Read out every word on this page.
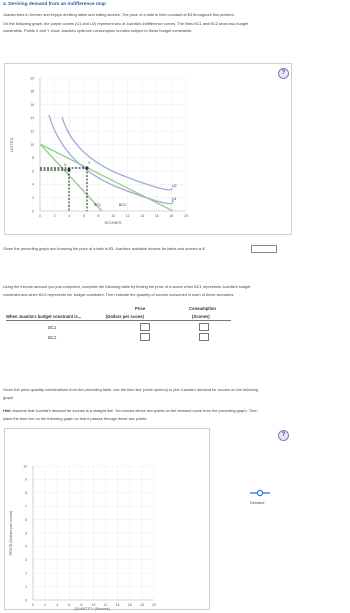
4. Deriving demand from an indifference map
Juanita lives in Denver and enjoys drinking lattes and eating scones. The price of a latte is held constant at $3 throughout this problem.
On the following graph, the purple curves (U1 and U2) represent two of Juanita's indifference curves. The lines BC1 and BC2 show two budget
constraints. Points X and Y show Juanita's optimum consumption bundles subject to these budget constraints.
?
20
18
16
14
12
10
8
6
4
2
0
0	2	4	6	8	10	12	14	16	18	20
LATTES
SCONES
X	Y
BC1	BC2
U1
U2
Given the preceding graph and knowing the price of a latte is $3, Juanita's available income for lattes and scones is $
Using the income amount you just computed, complete the following table by finding the price of a scone when BC1 represents Juanita's budget
constraint and when BC2 represents her budget constraint. Then indicate the quantity of scones consumed in each of these scenarios.
Price	Consumption
When Juanita's budget constraint is...	(Dollars per scone)	(Scones)
BC1
BC2
Given the price-quantity combinations from the preceding table, use the blue line (circle symbol) to plot Juanita's demand for scones on the following
graph.
Hint: Assume that Juanita's demand for scones is a straight line. You should derive two points on the demand curve from the preceding graph. Then
place the blue line on the following graph so that it passes through these two points.
?
10
9
8
7
6
5
4
3
2
1
0
0	2	4	6	8	10 12 14 16 18 20
PRICE (Dollars per scone)
QUANTITY (Scones)
Demand
